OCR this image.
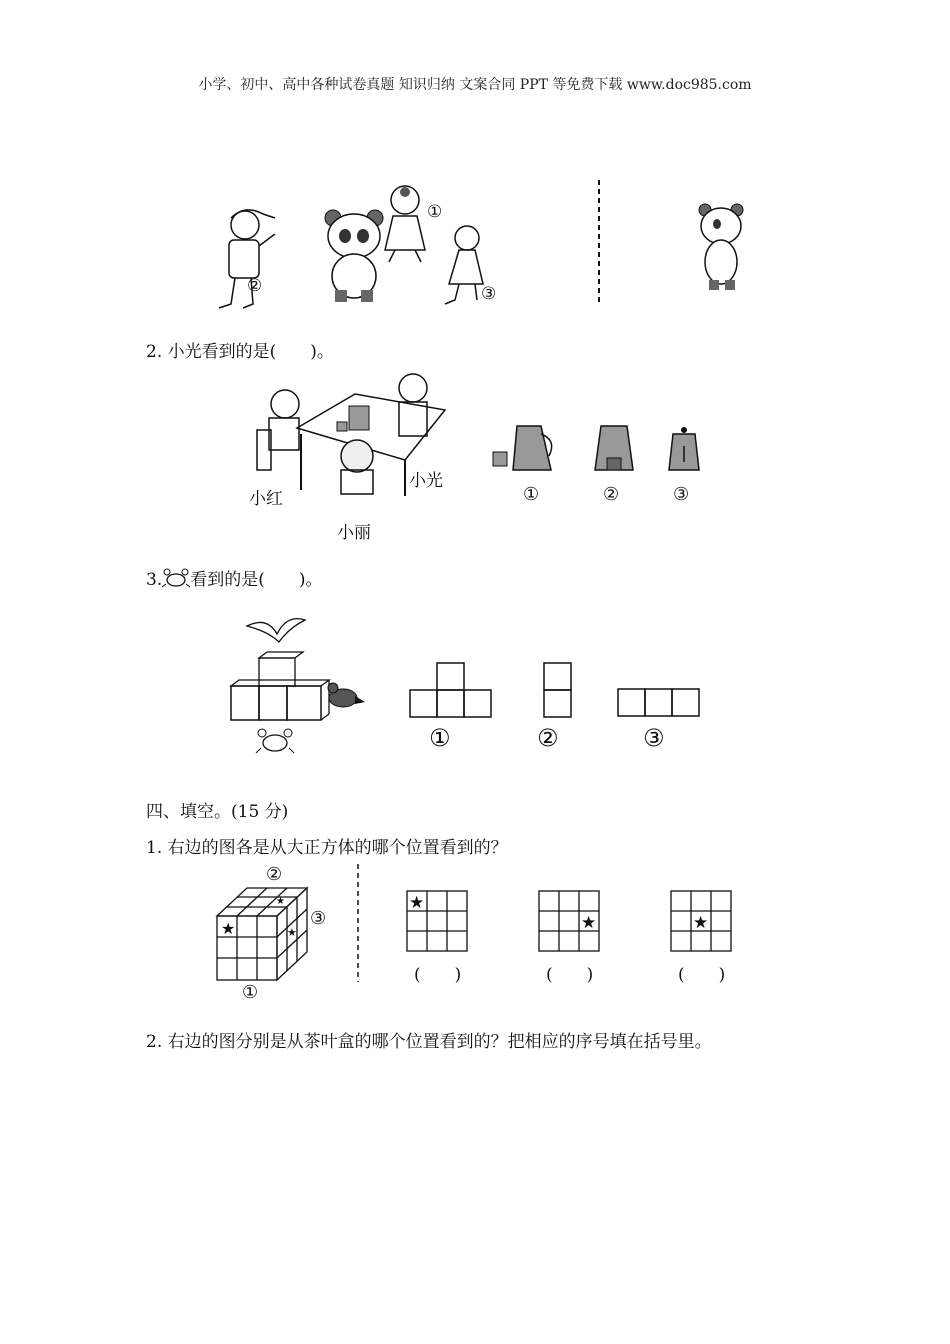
小学、初中、高中各种试卷真题 知识归纳 文案合同 PPT 等免费下载 www.doc985.com
②
①
③
2. 小光看到的是(　　)。
小红
小光
小丽
①	②	③
3. 看到的是(　　)。
①	②	③
四、填空。(15 分)
1. 右边的图各是从大正方体的哪个位置看到的？
★
★
★
②
③
①
★
★	★
(　　)	(　　)	(　　)
2. 右边的图分别是从茶叶盒的哪个位置看到的？把相应的序号填在括号里。
